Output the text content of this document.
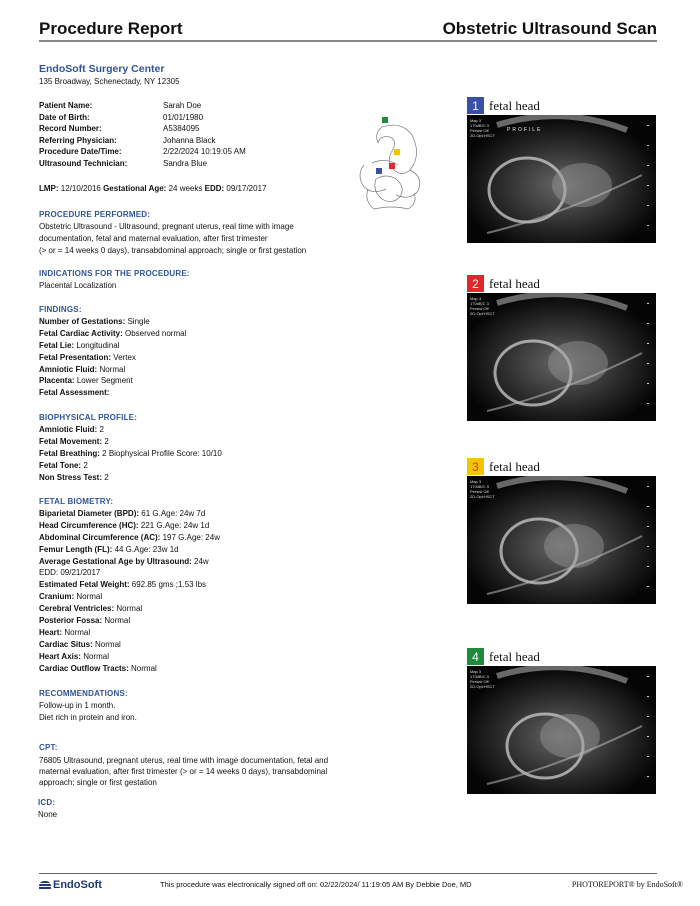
Procedure Report	Obstetric Ultrasound Scan
EndoSoft Surgery Center
135 Broadway, Schenectady, NY 12305
Patient Name:	Sarah Doe
Date of Birth:	01/01/1980
Record Number:	A5384095
Referring Physician:	Johanna Black
Procedure Date/Time:	2/22/2024 10:19:05 AM
Ultrasound Technician:	Sandra Blue
LMP: 12/10/2016 Gestational Age: 24 weeks EDD: 09/17/2017
PROCEDURE PERFORMED:
Obstetric Ultrasound - Ultrasound, pregnant uterus, real time with image
documentation, fetal and maternal evaluation, after first trimester
(> or = 14 weeks 0 days), transabdominal approach; single or first gestation
INDICATIONS FOR THE PROCEDURE:
Placental Localization
FINDINGS:
Number of Gestations: Single
Fetal Cardiac Activity: Observed normal
Fetal Lie: Longitudinal
Fetal Presentation: Vertex
Amniotic Fluid: Normal
Placenta: Lower Segment
Fetal Assessment:
BIOPHYSICAL PROFILE:
Amniotic Fluid: 2
Fetal Movement: 2
Fetal Breathing: 2 Biophysical Profile Score: 10/10
Fetal Tone: 2
Non Stress Test: 2
FETAL BIOMETRY:
Biparietal Diameter (BPD): 61 G.Age: 24w 7d
Head Circumference (HC): 221 G.Age: 24w 1d
Abdominal Circumference (AC): 197 G.Age: 24w
Femur Length (FL): 44 G.Age: 23w 1d
Average Gestational Age by Ultrasound: 24w
EDD: 09/21/2017
Estimated Fetal Weight: 692.85 gms ;1.53 lbs
Cranium: Normal
Cerebral Ventricles: Normal
Posterior Fossa: Normal
Heart: Normal
Cardiac Situs: Normal
Heart Axis: Normal
Cardiac Outflow Tracts: Normal
RECOMMENDATIONS:
Follow-up in 1 month.
Diet rich in protein and iron.
CPT:
76805 Ultrasound, pregnant uterus, real time with image documentation, fetal and
maternal evaluation, after first trimester (> or = 14 weeks 0 days), transabdominal
approach; single or first gestation
ICD:
None
1 fetal head
Map 3
170dB/C 3
Persist Off
2D-Opt:HSCT
PROFILE
2 fetal head
Map 3
170dB/C 3
Persist Off
2D-Opt:HSCT
3 fetal head
Map 3
170dB/C 3
Persist Off
2D-Opt:HSCT
4 fetal head
Map 3
170dB/C 3
Persist Off
2D-Opt:HSCT
EndoSoft	This procedure was electronically signed off on: 02/22/2024/ 11:19:05 AM By Debbie Doe, MD	PHOTOREPORT® by EndoSoft®
